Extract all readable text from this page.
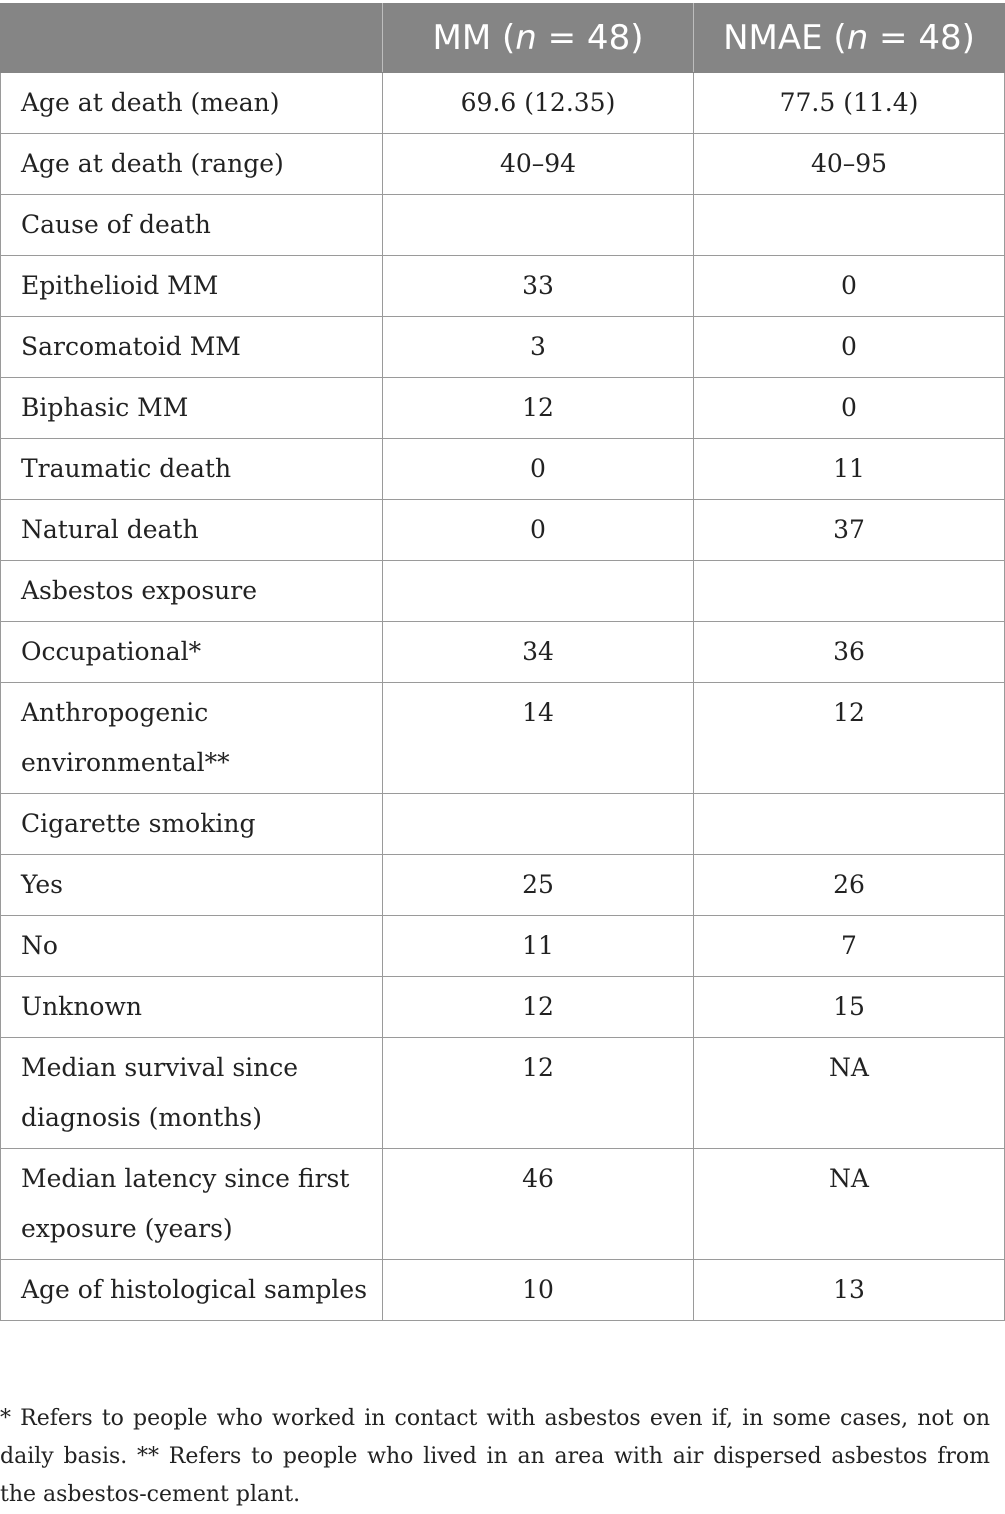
	MM (n = 48)	NMAE (n = 48)
Age at death (mean)	69.6 (12.35)	77.5 (11.4)
Age at death (range)	40–94	40–95
Cause of death		
Epithelioid MM	33	0
Sarcomatoid MM	3	0
Biphasic MM	12	0
Traumatic death	0	11
Natural death	0	37
Asbestos exposure		
Occupational*	34	36
Anthropogenic environmental**	14	12
Cigarette smoking		
Yes	25	26
No	11	7
Unknown	12	15
Median survival since diagnosis (months)	12	NA
Median latency since first exposure (years)	46	NA
Age of histological samples	10	13

* Refers to people who worked in contact with asbestos even if, in some cases, not on daily basis. ** Refers to people who lived in an area with air dispersed asbestos from the asbestos-cement plant.
